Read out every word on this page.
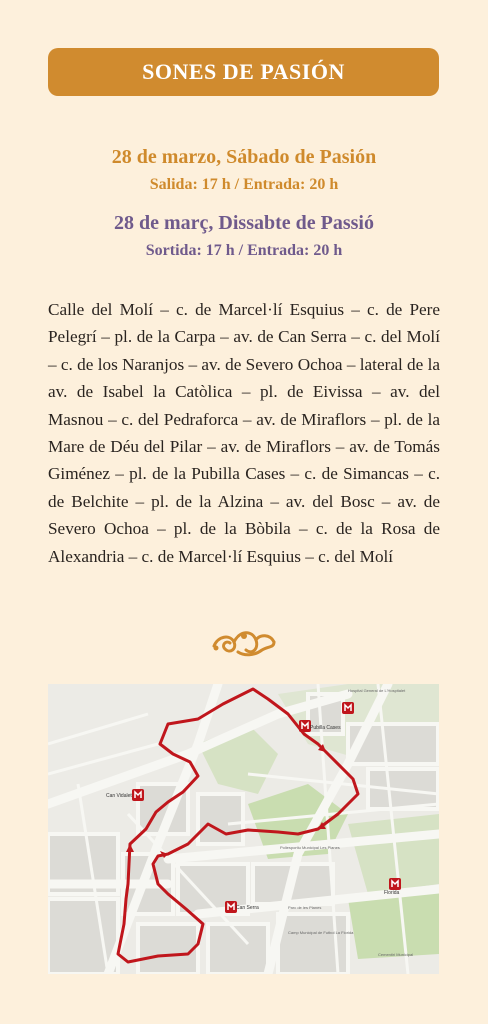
SONES DE PASIÓN
28 de marzo, Sábado de Pasión
Salida: 17 h / Entrada: 20 h
28 de març, Dissabte de Passió
Sortida: 17 h / Entrada: 20 h

Calle del Molí – c. de Marcel·lí Esquius – c. de Pere Pelegrí – pl. de la Carpa – av. de Can Serra – c. del Molí – c. de los Naranjos – av. de Severo Ochoa – lateral de la av. de Isabel la Catòlica – pl. de Eivissa – av. del Masnou – c. del Pedraforca – av. de Miraflors – pl. de la Mare de Déu del Pilar – av. de Miraflors – av. de Tomás Giménez – pl. de la Pubilla Cases – c. de Simancas – c. de Belchite – pl. de la Alzina – av. del Bosc – av. de Severo Ochoa – pl. de la Bòbila – c. de la Rosa de Alexandria – c. de Marcel·lí Esquius – c. del Molí

Pubilla Cases
Can Vidalet
Can Serra
Florida
Hospital General de L'Hospitalet
Poliesportiu Municipal Les Planes
Parc de les Planes
Camp Municipal de Futbol La Florida
Cementiri Municipal
